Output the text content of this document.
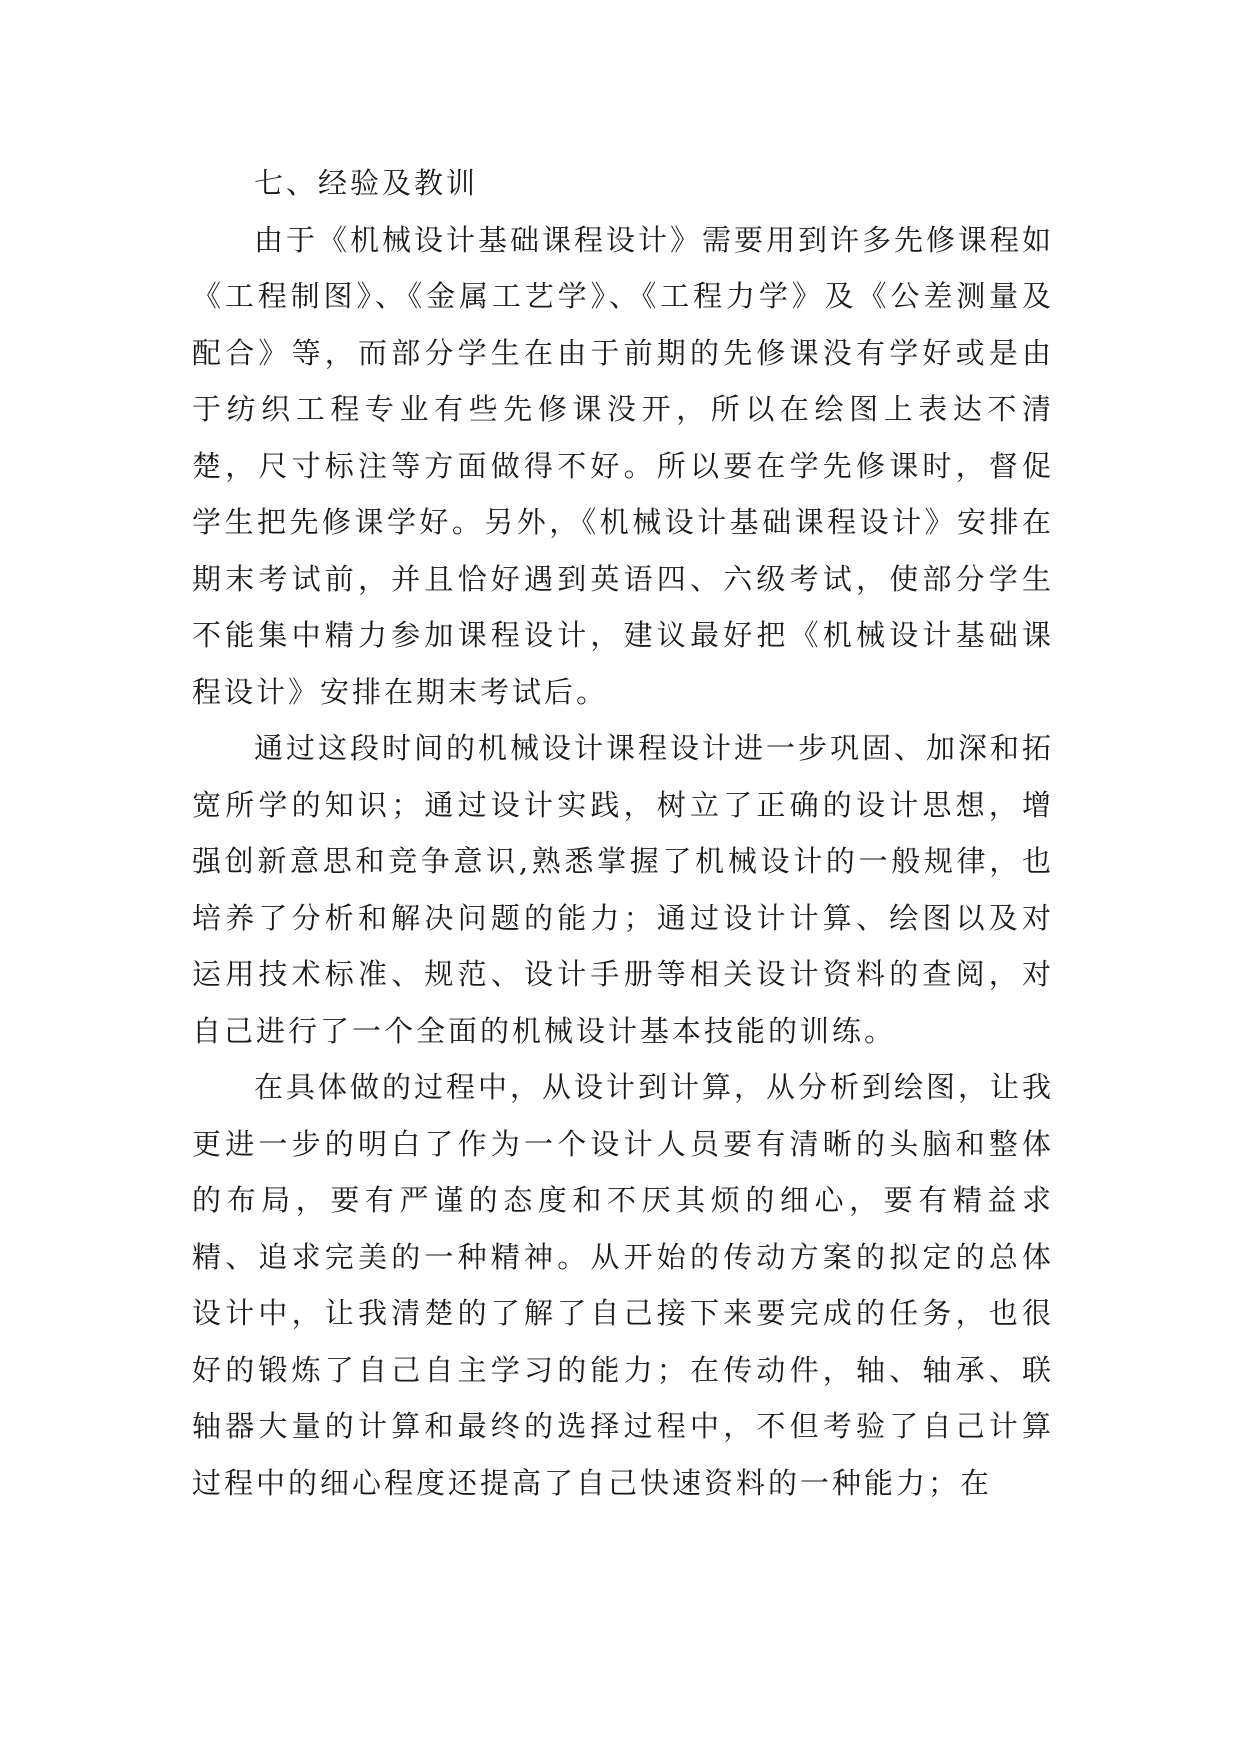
七、经验及教训

由于《机械设计基础课程设计》需要用到许多先修课程如《工程制图》、《金属工艺学》、《工程力学》及《公差测量及配合》等，而部分学生在由于前期的先修课没有学好或是由于纺织工程专业有些先修课没开，所以在绘图上表达不清楚，尺寸标注等方面做得不好。所以要在学先修课时，督促学生把先修课学好。另外，《机械设计基础课程设计》安排在期末考试前，并且恰好遇到英语四、六级考试，使部分学生不能集中精力参加课程设计，建议最好把《机械设计基础课程设计》安排在期末考试后。

通过这段时间的机械设计课程设计进一步巩固、加深和拓宽所学的知识；通过设计实践，树立了正确的设计思想，增强创新意思和竞争意识,熟悉掌握了机械设计的一般规律，也培养了分析和解决问题的能力；通过设计计算、绘图以及对运用技术标准、规范、设计手册等相关设计资料的查阅，对自己进行了一个全面的机械设计基本技能的训练。

在具体做的过程中，从设计到计算，从分析到绘图，让我更进一步的明白了作为一个设计人员要有清晰的头脑和整体的布局，要有严谨的态度和不厌其烦的细心，要有精益求精、追求完美的一种精神。从开始的传动方案的拟定的总体设计中，让我清楚的了解了自己接下来要完成的任务，也很好的锻炼了自己自主学习的能力；在传动件，轴、轴承、联轴器大量的计算和最终的选择过程中，不但考验了自己计算过程中的细心程度还提高了自己快速资料的一种能力；在
